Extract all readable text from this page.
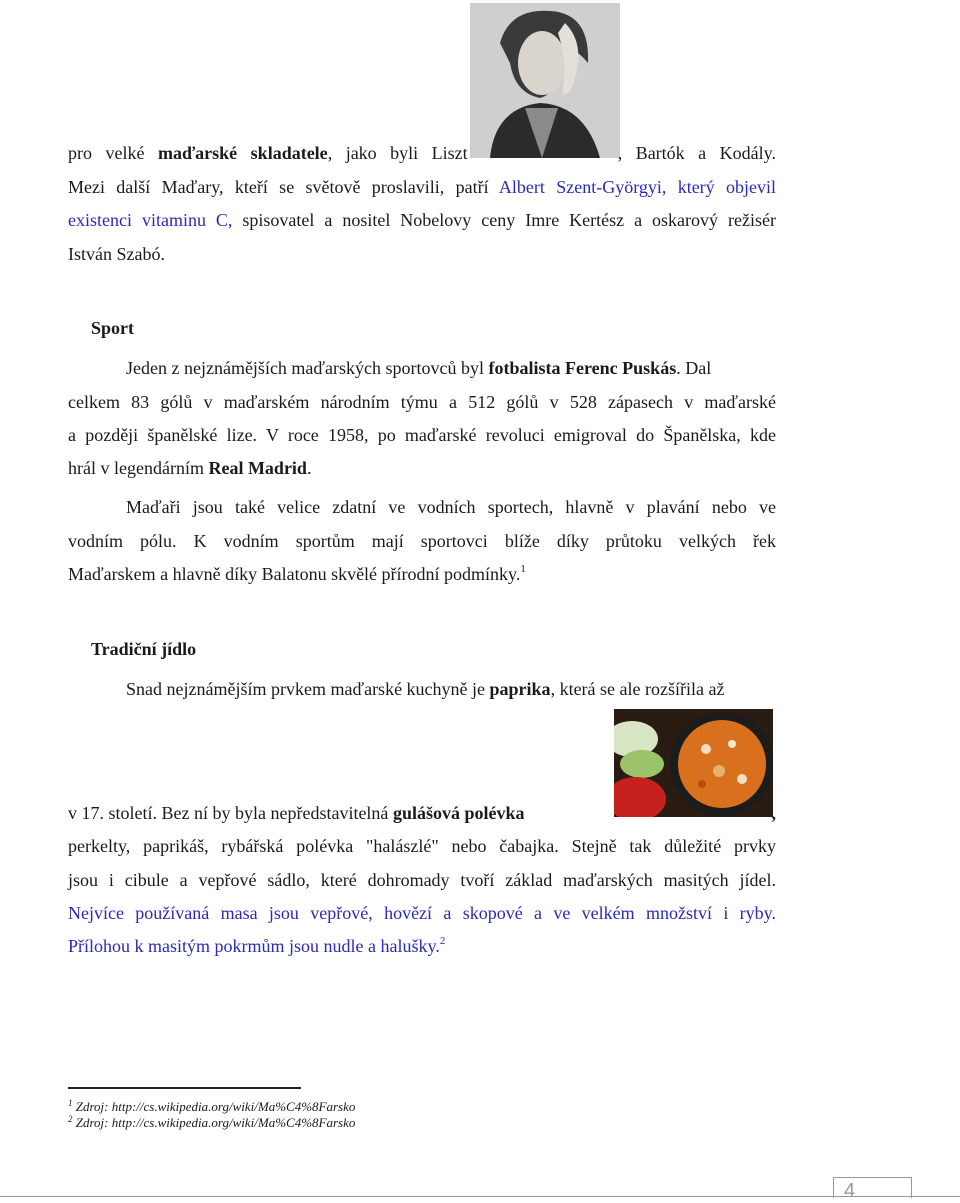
pro velké maďarské skladatele, jako byli Liszt	, Bartók a Kodály.
Mezi další Maďary, kteří se světově proslavili, patří Albert Szent-Györgyi, který objevil
existenci vitaminu C, spisovatel a nositel Nobelovy ceny Imre Kertész a oskarový režisér
István Szabó.
Sport
Jeden z nejznámějších maďarských sportovců byl fotbalista Ferenc Puskás. Dal
celkem 83 gólů v maďarském národním týmu a 512 gólů v 528 zápasech v maďarské
a později španělské lize. V roce 1958, po maďarské revoluci emigroval do Španělska, kde
hrál v legendárním Real Madrid.
Maďaři jsou také velice zdatní ve vodních sportech, hlavně v plavání nebo ve
vodním pólu. K vodním sportům mají sportovci blíže díky průtoku velkých řek
Maďarskem a hlavně díky Balatonu skvělé přírodní podmínky.$^1$
Tradiční jídlo
Snad nejznámějším prvkem maďarské kuchyně je paprika, která se ale rozšířila až
v 17. století. Bez ní by byla nepředstavitelná gulášová polévka	,
perkelty, paprikáš, rybářská polévka "halászlé" nebo čabajka. Stejně tak důležité prvky
jsou i cibule a vepřové sádlo, které dohromady tvoří základ maďarských masitých jídel.
Nejvíce používaná masa jsou vepřové, hovězí a skopové a ve velkém množství i ryby.
Přílohou k masitým pokrmům jsou nudle a halušky.$^2$
$^1$ Zdroj: http://cs.wikipedia.org/wiki/Ma%C4%8Farsko
$^2$ Zdroj: http://cs.wikipedia.org/wiki/Ma%C4%8Farsko
4
